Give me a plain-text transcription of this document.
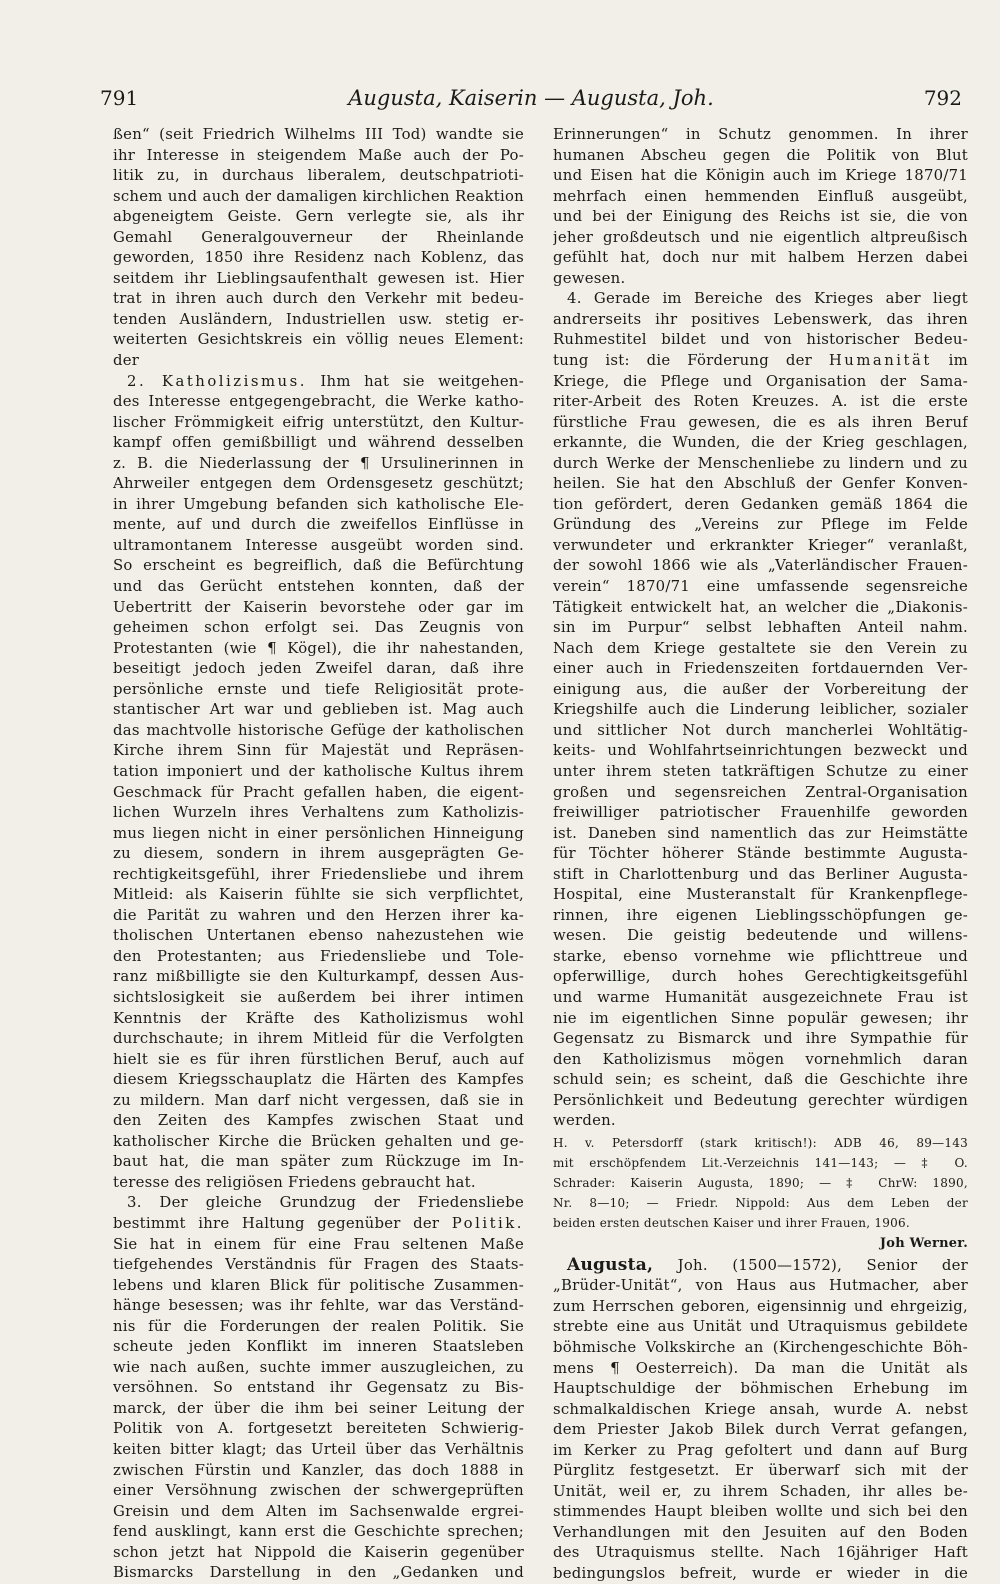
791	Augusta, Kaiserin — Augusta, Joh.	792
ßen“ (seit Friedrich Wilhelms III Tod) wandte sie
ihr Interesse in steigendem Maße auch der Po-
litik zu, in durchaus liberalem, deutschpatrioti-
schem und auch der damaligen kirchlichen Reaktion
abgeneigtem Geiste. Gern verlegte sie, als ihr
Gemahl Generalgouverneur der Rheinlande
geworden, 1850 ihre Residenz nach Koblenz, das
seitdem ihr Lieblingsaufenthalt gewesen ist. Hier
trat in ihren auch durch den Verkehr mit bedeu-
tenden Ausländern, Industriellen usw. stetig er-
weiterten Gesichtskreis ein völlig neues Element:
der
2. Katholizismus. Ihm hat sie weitgehen-
des Interesse entgegengebracht, die Werke katho-
lischer Frömmigkeit eifrig unterstützt, den Kultur-
kampf offen gemißbilligt und während desselben
z. B. die Niederlassung der ¶ Ursulinerinnen in
Ahrweiler entgegen dem Ordensgesetz geschützt;
in ihrer Umgebung befanden sich katholische Ele-
mente, auf und durch die zweifellos Einflüsse in
ultramontanem Interesse ausgeübt worden sind.
So erscheint es begreiflich, daß die Befürchtung
und das Gerücht entstehen konnten, daß der
Uebertritt der Kaiserin bevorstehe oder gar im
geheimen schon erfolgt sei. Das Zeugnis von
Protestanten (wie ¶ Kögel), die ihr nahestanden,
beseitigt jedoch jeden Zweifel daran, daß ihre
persönliche ernste und tiefe Religiosität prote-
stantischer Art war und geblieben ist. Mag auch
das machtvolle historische Gefüge der katholischen
Kirche ihrem Sinn für Majestät und Repräsen-
tation imponiert und der katholische Kultus ihrem
Geschmack für Pracht gefallen haben, die eigent-
lichen Wurzeln ihres Verhaltens zum Katholizis-
mus liegen nicht in einer persönlichen Hinneigung
zu diesem, sondern in ihrem ausgeprägten Ge-
rechtigkeitsgefühl, ihrer Friedensliebe und ihrem
Mitleid: als Kaiserin fühlte sie sich verpflichtet,
die Parität zu wahren und den Herzen ihrer ka-
tholischen Untertanen ebenso nahezustehen wie
den Protestanten; aus Friedensliebe und Tole-
ranz mißbilligte sie den Kulturkampf, dessen Aus-
sichtslosigkeit sie außerdem bei ihrer intimen
Kenntnis der Kräfte des Katholizismus wohl
durchschaute; in ihrem Mitleid für die Verfolgten
hielt sie es für ihren fürstlichen Beruf, auch auf
diesem Kriegsschauplatz die Härten des Kampfes
zu mildern. Man darf nicht vergessen, daß sie in
den Zeiten des Kampfes zwischen Staat und
katholischer Kirche die Brücken gehalten und ge-
baut hat, die man später zum Rückzuge im In-
teresse des religiösen Friedens gebraucht hat.
3. Der gleiche Grundzug der Friedensliebe
bestimmt ihre Haltung gegenüber der Politik.
Sie hat in einem für eine Frau seltenen Maße
tiefgehendes Verständnis für Fragen des Staats-
lebens und klaren Blick für politische Zusammen-
hänge besessen; was ihr fehlte, war das Verständ-
nis für die Forderungen der realen Politik. Sie
scheute jeden Konflikt im inneren Staatsleben
wie nach außen, suchte immer auszugleichen, zu
versöhnen. So entstand ihr Gegensatz zu Bis-
marck, der über die ihm bei seiner Leitung der
Politik von A. fortgesetzt bereiteten Schwierig-
keiten bitter klagt; das Urteil über das Verhältnis
zwischen Fürstin und Kanzler, das doch 1888 in
einer Versöhnung zwischen der schwergeprüften
Greisin und dem Alten im Sachsenwalde ergrei-
fend ausklingt, kann erst die Geschichte sprechen;
schon jetzt hat Nippold die Kaiserin gegenüber
Bismarcks Darstellung in den „Gedanken und
Erinnerungen“ in Schutz genommen. In ihrer
humanen Abscheu gegen die Politik von Blut
und Eisen hat die Königin auch im Kriege 1870/71
mehrfach einen hemmenden Einfluß ausgeübt,
und bei der Einigung des Reichs ist sie, die von
jeher großdeutsch und nie eigentlich altpreußisch
gefühlt hat, doch nur mit halbem Herzen dabei
gewesen.
4. Gerade im Bereiche des Krieges aber liegt
andrerseits ihr positives Lebenswerk, das ihren
Ruhmestitel bildet und von historischer Bedeu-
tung ist: die Förderung der Humanität im
Kriege, die Pflege und Organisation der Sama-
riter-Arbeit des Roten Kreuzes. A. ist die erste
fürstliche Frau gewesen, die es als ihren Beruf
erkannte, die Wunden, die der Krieg geschlagen,
durch Werke der Menschenliebe zu lindern und zu
heilen. Sie hat den Abschluß der Genfer Konven-
tion gefördert, deren Gedanken gemäß 1864 die
Gründung des „Vereins zur Pflege im Felde
verwundeter und erkrankter Krieger“ veranlaßt,
der sowohl 1866 wie als „Vaterländischer Frauen-
verein“ 1870/71 eine umfassende segensreiche
Tätigkeit entwickelt hat, an welcher die „Diakonis-
sin im Purpur“ selbst lebhaften Anteil nahm.
Nach dem Kriege gestaltete sie den Verein zu
einer auch in Friedenszeiten fortdauernden Ver-
einigung aus, die außer der Vorbereitung der
Kriegshilfe auch die Linderung leiblicher, sozialer
und sittlicher Not durch mancherlei Wohltätig-
keits- und Wohlfahrtseinrichtungen bezweckt und
unter ihrem steten tatkräftigen Schutze zu einer
großen und segensreichen Zentral-Organisation
freiwilliger patriotischer Frauenhilfe geworden
ist. Daneben sind namentlich das zur Heimstätte
für Töchter höherer Stände bestimmte Augusta-
stift in Charlottenburg und das Berliner Augusta-
Hospital, eine Musteranstalt für Krankenpflege-
rinnen, ihre eigenen Lieblingsschöpfungen ge-
wesen. Die geistig bedeutende und willens-
starke, ebenso vornehme wie pflichttreue und
opferwillige, durch hohes Gerechtigkeitsgefühl
und warme Humanität ausgezeichnete Frau ist
nie im eigentlichen Sinne populär gewesen; ihr
Gegensatz zu Bismarck und ihre Sympathie für
den Katholizismus mögen vornehmlich daran
schuld sein; es scheint, daß die Geschichte ihre
Persönlichkeit und Bedeutung gerechter würdigen
werden.
H. v. Petersdorff (stark kritisch!): ADB 46, 89—143
mit erschöpfendem Lit.-Verzeichnis 141—143; — ‡ O.
Schrader: Kaiserin Augusta, 1890; — ‡ ChrW: 1890,
Nr. 8—10; — Friedr. Nippold: Aus dem Leben der
beiden ersten deutschen Kaiser und ihrer Frauen, 1906.

Joh Werner.

Augusta, Joh. (1500—1572), Senior der
„Brüder-Unität“, von Haus aus Hutmacher, aber
zum Herrschen geboren, eigensinnig und ehrgeizig,
strebte eine aus Unität und Utraquismus gebildete
böhmische Volkskirche an (Kirchengeschichte Böh-
mens ¶ Oesterreich). Da man die Unität als
Hauptschuldige der böhmischen Erhebung im
schmalkaldischen Kriege ansah, wurde A. nebst
dem Priester Jakob Bilek durch Verrat gefangen,
im Kerker zu Prag gefoltert und dann auf Burg
Pürglitz festgesetzt. Er überwarf sich mit der
Unität, weil er, zu ihrem Schaden, ihr alles be-
stimmendes Haupt bleiben wollte und sich bei den
Verhandlungen mit den Jesuiten auf den Boden
des Utraquismus stellte. Nach 16jähriger Haft
bedingungslos befreit, wurde er wieder in die
